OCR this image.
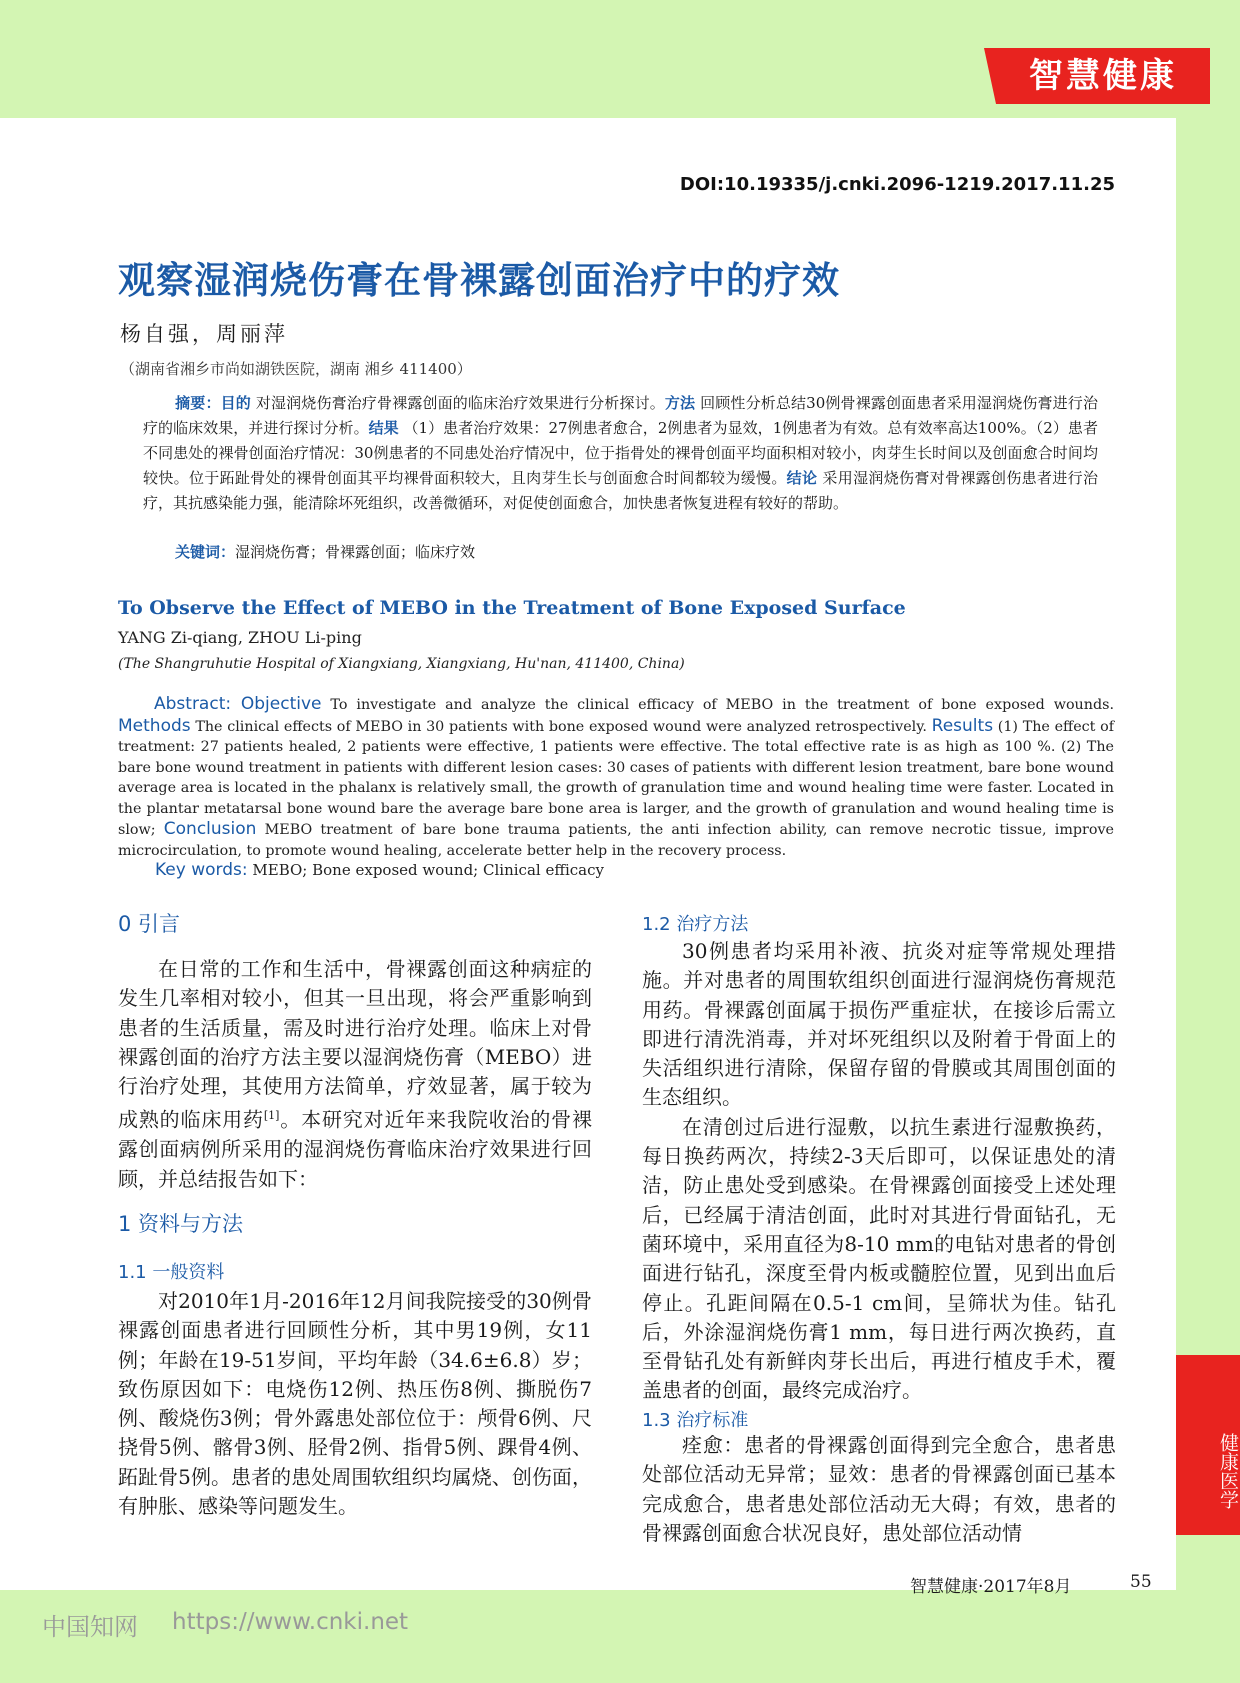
智慧健康
健康医学
DOI:10.19335/j.cnki.2096-1219.2017.11.25
观察湿润烧伤膏在骨裸露创面治疗中的疗效
杨自强，周丽萍
（湖南省湘乡市尚如湖铁医院，湖南 湘乡 411400）
摘要：目的 对湿润烧伤膏治疗骨裸露创面的临床治疗效果进行分析探讨。方法 回顾性分析总结30例骨裸露创面患者采用湿润烧伤膏进行治疗的临床效果，并进行探讨分析。结果 （1）患者治疗效果：27例患者愈合，2例患者为显效，1例患者为有效。总有效率高达100%。（2）患者不同患处的裸骨创面治疗情况：30例患者的不同患处治疗情况中，位于指骨处的裸骨创面平均面积相对较小，肉芽生长时间以及创面愈合时间均较快。位于跖趾骨处的裸骨创面其平均裸骨面积较大，且肉芽生长与创面愈合时间都较为缓慢。结论 采用湿润烧伤膏对骨裸露创伤患者进行治疗，其抗感染能力强，能清除坏死组织，改善微循环，对促使创面愈合，加快患者恢复进程有较好的帮助。
关键词：湿润烧伤膏；骨裸露创面；临床疗效
To Observe the Effect of MEBO in the Treatment of Bone Exposed Surface
YANG Zi-qiang, ZHOU Li-ping
(The Shangruhutie Hospital of Xiangxiang, Xiangxiang, Hu'nan, 411400, China)
Abstract: Objective To investigate and analyze the clinical efficacy of MEBO in the treatment of bone exposed wounds. Methods The clinical effects of MEBO in 30 patients with bone exposed wound were analyzed retrospectively. Results (1) The effect of treatment: 27 patients healed, 2 patients were effective, 1 patients were effective. The total effective rate is as high as 100 %. (2) The bare bone wound treatment in patients with different lesion cases: 30 cases of patients with different lesion treatment, bare bone wound average area is located in the phalanx is relatively small, the growth of granulation time and wound healing time were faster. Located in the plantar metatarsal bone wound bare the average bare bone area is larger, and the growth of granulation and wound healing time is slow; Conclusion MEBO treatment of bare bone trauma patients, the anti infection ability, can remove necrotic tissue, improve microcirculation, to promote wound healing, accelerate better help in the recovery process.
Key words: MEBO; Bone exposed wound; Clinical efficacy
0 引言

在日常的工作和生活中，骨裸露创面这种病症的发生几率相对较小，但其一旦出现，将会严重影响到患者的生活质量，需及时进行治疗处理。临床上对骨裸露创面的治疗方法主要以湿润烧伤膏（MEBO）进行治疗处理，其使用方法简单，疗效显著，属于较为成熟的临床用药[1]。本研究对近年来我院收治的骨裸露创面病例所采用的湿润烧伤膏临床治疗效果进行回顾，并总结报告如下：

1 资料与方法
1.1 一般资料

对2010年1月-2016年12月间我院接受的30例骨裸露创面患者进行回顾性分析，其中男19例，女11例；年龄在19-51岁间，平均年龄（34.6±6.8）岁；致伤原因如下：电烧伤12例、热压伤8例、撕脱伤7例、酸烧伤3例；骨外露患处部位位于：颅骨6例、尺挠骨5例、髂骨3例、胫骨2例、指骨5例、踝骨4例、跖趾骨5例。患者的患处周围软组织均属烧、创伤面，有肿胀、感染等问题发生。

1.2 治疗方法

30例患者均采用补液、抗炎对症等常规处理措施。并对患者的周围软组织创面进行湿润烧伤膏规范用药。骨裸露创面属于损伤严重症状，在接诊后需立即进行清洗消毒，并对坏死组织以及附着于骨面上的失活组织进行清除，保留存留的骨膜或其周围创面的生态组织。

在清创过后进行湿敷，以抗生素进行湿敷换药，每日换药两次，持续2-3天后即可，以保证患处的清洁，防止患处受到感染。在骨裸露创面接受上述处理后，已经属于清洁创面，此时对其进行骨面钻孔，无菌环境中，采用直径为8-10 mm的电钻对患者的骨创面进行钻孔，深度至骨内板或髓腔位置，见到出血后停止。孔距间隔在0.5-1 cm间，呈筛状为佳。钻孔后，外涂湿润烧伤膏1 mm，每日进行两次换药，直至骨钻孔处有新鲜肉芽长出后，再进行植皮手术，覆盖患者的创面，最终完成治疗。

1.3 治疗标准

痊愈：患者的骨裸露创面得到完全愈合，患者患处部位活动无异常；显效：患者的骨裸露创面已基本完成愈合，患者患处部位活动无大碍；有效，患者的骨裸露创面愈合状况良好，患处部位活动情

智慧健康·2017年8月	55
中国知网 https://www.cnki.net
